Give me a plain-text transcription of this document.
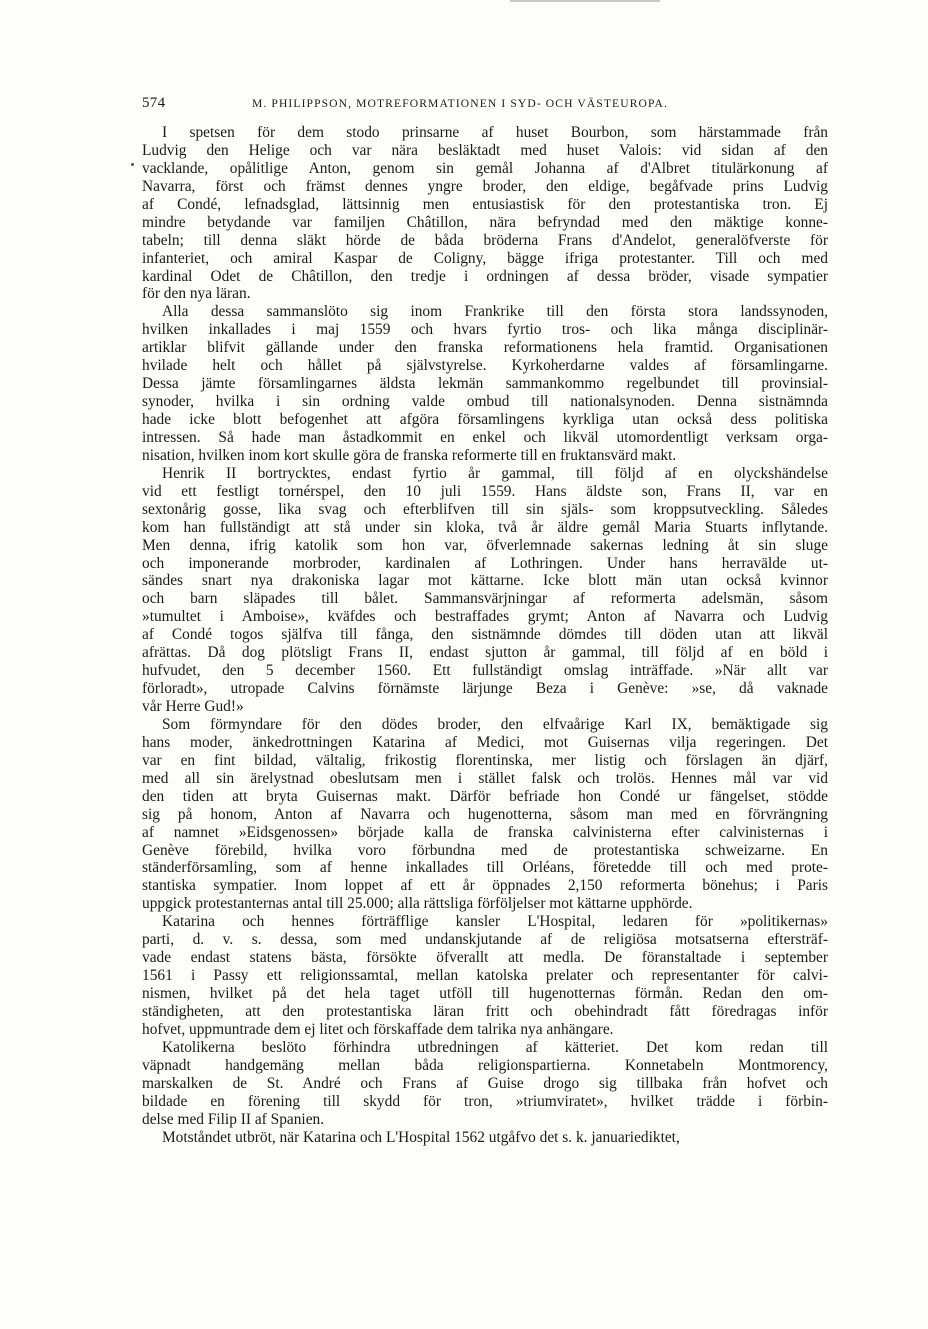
574	M. PHILIPPSON, MOTREFORMATIONEN I SYD- OCH VÄSTEUROPA.
I spetsen för dem stodo prinsarne af huset Bourbon, som härstammade från
Ludvig den Helige och var nära besläktadt med huset Valois: vid sidan af den
vacklande, opålitlige Anton, genom sin gemål Johanna af d'Albret titulärkonung af
Navarra, först och främst dennes yngre broder, den eldige, begåfvade prins Ludvig
af Condé, lefnadsglad, lättsinnig men entusiastisk för den protestantiska tron. Ej
mindre betydande var familjen Châtillon, nära befryndad med den mäktige konne-
tabeln; till denna släkt hörde de båda bröderna Frans d'Andelot, generalöfverste för
infanteriet, och amiral Kaspar de Coligny, bägge ifriga protestanter. Till och med
kardinal Odet de Châtillon, den tredje i ordningen af dessa bröder, visade sympatier
för den nya läran.
Alla dessa sammanslöto sig inom Frankrike till den första stora landssynoden,
hvilken inkallades i maj 1559 och hvars fyrtio tros- och lika många disciplinär-
artiklar blifvit gällande under den franska reformationens hela framtid. Organisationen
hvilade helt och hållet på självstyrelse. Kyrkoherdarne valdes af församlingarne.
Dessa jämte församlingarnes äldsta lekmän sammankommo regelbundet till provinsial-
synoder, hvilka i sin ordning valde ombud till nationalsynoden. Denna sistnämnda
hade icke blott befogenhet att afgöra församlingens kyrkliga utan också dess politiska
intressen. Så hade man åstadkommit en enkel och likväl utomordentligt verksam orga-
nisation, hvilken inom kort skulle göra de franska reformerte till en fruktansvärd makt.
Henrik II bortrycktes, endast fyrtio år gammal, till följd af en olyckshändelse
vid ett festligt tornérspel, den 10 juli 1559. Hans äldste son, Frans II, var en
sextonårig gosse, lika svag och efterblifven till sin själs- som kroppsutveckling. Således
kom han fullständigt att stå under sin kloka, två år äldre gemål Maria Stuarts inflytande.
Men denna, ifrig katolik som hon var, öfverlemnade sakernas ledning åt sin sluge
och imponerande morbroder, kardinalen af Lothringen. Under hans herravälde ut-
sändes snart nya drakoniska lagar mot kättarne. Icke blott män utan också kvinnor
och barn släpades till bålet. Sammansvärjningar af reformerta adelsmän, såsom
»tumultet i Amboise», kväfdes och bestraffades grymt; Anton af Navarra och Ludvig
af Condé togos själfva till fånga, den sistnämnde dömdes till döden utan att likväl
afrättas. Då dog plötsligt Frans II, endast sjutton år gammal, till följd af en böld i
hufvudet, den 5 december 1560. Ett fullständigt omslag inträffade. »När allt var
förloradt», utropade Calvins förnämste lärjunge Beza i Genève: »se, då vaknade
vår Herre Gud!»
Som förmyndare för den dödes broder, den elfvaårige Karl IX, bemäktigade sig
hans moder, änkedrottningen Katarina af Medici, mot Guisernas vilja regeringen. Det
var en fint bildad, vältalig, frikostig florentinska, mer listig och förslagen än djärf,
med all sin ärelystnad obeslutsam men i stället falsk och trolös. Hennes mål var vid
den tiden att bryta Guisernas makt. Därför befriade hon Condé ur fängelset, stödde
sig på honom, Anton af Navarra och hugenotterna, såsom man med en förvrängning
af namnet »Eidsgenossen» började kalla de franska calvinisterna efter calvinisternas i
Genève förebild, hvilka voro förbundna med de protestantiska schweizarne. En
ständerförsamling, som af henne inkallades till Orléans, företedde till och med prote-
stantiska sympatier. Inom loppet af ett år öppnades 2,150 reformerta bönehus; i Paris
uppgick protestanternas antal till 25.000; alla rättsliga förföljelser mot kättarne upphörde.
Katarina och hennes förträfflige kansler L'Hospital, ledaren för »politikernas»
parti, d. v. s. dessa, som med undanskjutande af de religiösa motsatserna eftersträf-
vade endast statens bästa, försökte öfverallt att medla. De föranstaltade i september
1561 i Passy ett religionssamtal, mellan katolska prelater och representanter för calvi-
nismen, hvilket på det hela taget utföll till hugenotternas förmån. Redan den om-
ständigheten, att den protestantiska läran fritt och obehindradt fått föredragas inför
hofvet, uppmuntrade dem ej litet och förskaffade dem talrika nya anhängare.
Katolikerna beslöto förhindra utbredningen af kätteriet. Det kom redan till
väpnadt handgemäng mellan båda religionspartierna. Konnetabeln Montmorency,
marskalken de St. André och Frans af Guise drogo sig tillbaka från hofvet och
bildade en förening till skydd för tron, »triumviratet», hvilket trädde i förbin-
delse med Filip II af Spanien.
Motståndet utbröt, när Katarina och L'Hospital 1562 utgåfvo det s. k. januariediktet,
